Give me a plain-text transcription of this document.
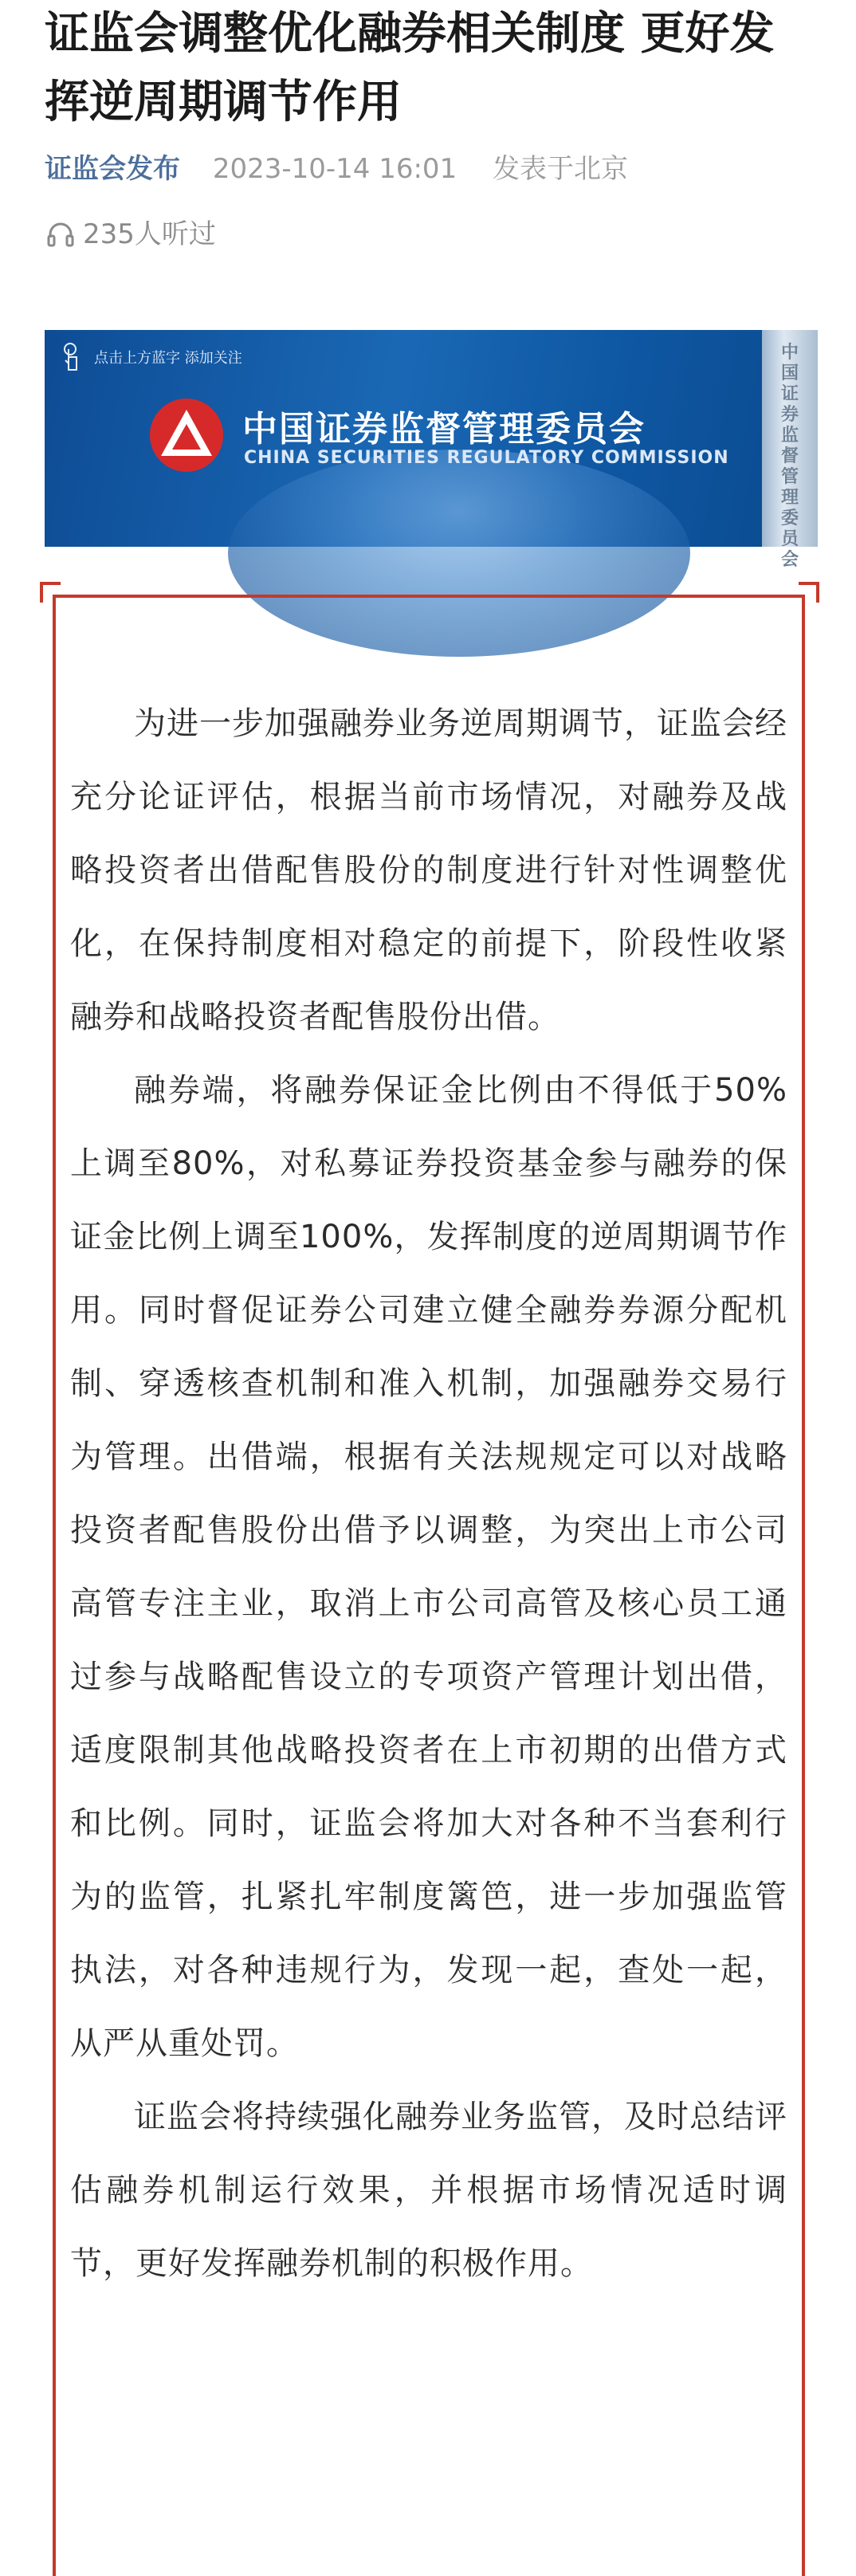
证监会调整优化融券相关制度 更好发挥逆周期调节作用
证监会发布 2023-10-14 16:01 发表于北京
235人听过
点击上方蓝字 添加关注
中国证券监督管理委员会
CHINA SECURITIES REGULATORY COMMISSION
中国证券监督管理委员会

为进一步加强融券业务逆周期调节，证监会经充分论证评估，根据当前市场情况，对融券及战略投资者出借配售股份的制度进行针对性调整优化，在保持制度相对稳定的前提下，阶段性收紧融券和战略投资者配售股份出借。

融券端，将融券保证金比例由不得低于50%上调至80%，对私募证券投资基金参与融券的保证金比例上调至100%，发挥制度的逆周期调节作用。同时督促证券公司建立健全融券券源分配机制、穿透核查机制和准入机制，加强融券交易行为管理。出借端，根据有关法规规定可以对战略投资者配售股份出借予以调整，为突出上市公司高管专注主业，取消上市公司高管及核心员工通过参与战略配售设立的专项资产管理计划出借，适度限制其他战略投资者在上市初期的出借方式和比例。同时，证监会将加大对各种不当套利行为的监管，扎紧扎牢制度篱笆，进一步加强监管执法，对各种违规行为，发现一起，查处一起，从严从重处罚。

证监会将持续强化融券业务监管，及时总结评估融券机制运行效果，并根据市场情况适时调节，更好发挥融券机制的积极作用。
